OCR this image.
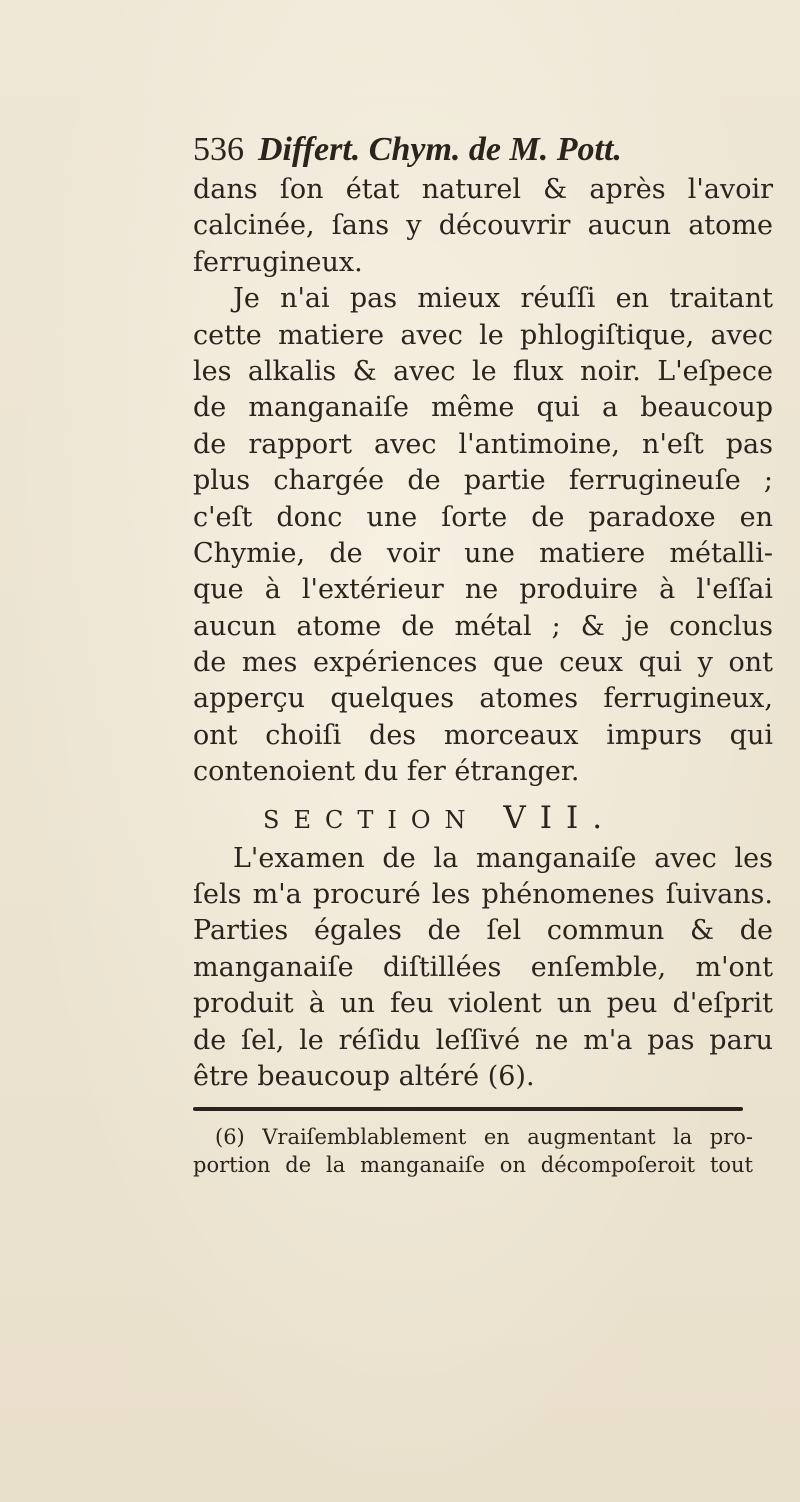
536 Differt. Chym. de M. Pott.
dans ſon état naturel & après l'avoir
calcinée, ſans y découvrir aucun atome
ferrugineux.
Je n'ai pas mieux réuſſi en traitant
cette matiere avec le phlogiſtique, avec
les alkalis & avec le flux noir. L'eſpece
de manganaiſe même qui a beaucoup
de rapport avec l'antimoine, n'eſt pas
plus chargée de partie ferrugineuſe ;
c'eſt donc une ſorte de paradoxe en
Chymie, de voir une matiere métalli-
que à l'extérieur ne produire à l'eſſai
aucun atome de métal ; & je conclus
de mes expériences que ceux qui y ont
apperçu quelques atomes ferrugineux,
ont choiſi des morceaux impurs qui
contenoient du fer étranger.
SECTION VII.
L'examen de la manganaiſe avec les
ſels m'a procuré les phénomenes ſuivans.
Parties égales de ſel commun & de
manganaiſe diſtillées enſemble, m'ont
produit à un feu violent un peu d'eſprit
de ſel, le réſidu leſſivé ne m'a pas paru
être beaucoup altéré (6).
(6) Vraiſemblablement en augmentant la pro-
portion de la manganaiſe on décompoſeroit tout
